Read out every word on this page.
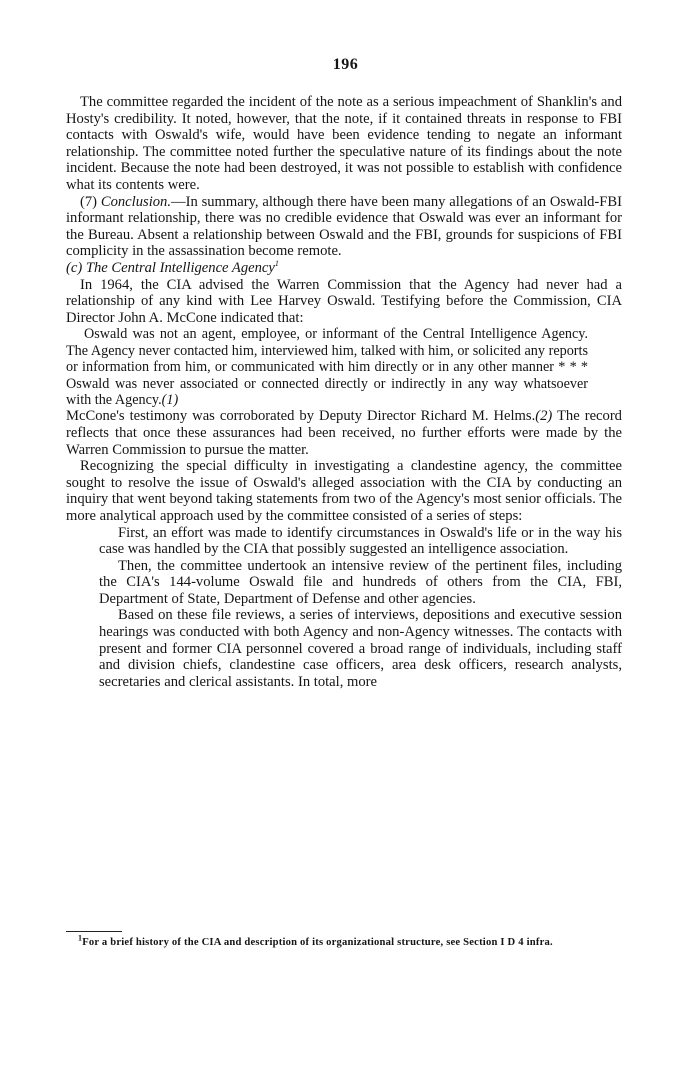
196

The committee regarded the incident of the note as a serious impeachment of Shanklin's and Hosty's credibility. It noted, however, that the note, if it contained threats in response to FBI contacts with Oswald's wife, would have been evidence tending to negate an informant relationship. The committee noted further the speculative nature of its findings about the note incident. Because the note had been destroyed, it was not possible to establish with confidence what its contents were.

(7) Conclusion.—In summary, although there have been many allegations of an Oswald-FBI informant relationship, there was no credible evidence that Oswald was ever an informant for the Bureau. Absent a relationship between Oswald and the FBI, grounds for suspicions of FBI complicity in the assassination become remote.

(c) The Central Intelligence Agency$^1$

In 1964, the CIA advised the Warren Commission that the Agency had never had a relationship of any kind with Lee Harvey Oswald. Testifying before the Commission, CIA Director John A. McCone indicated that:

Oswald was not an agent, employee, or informant of the Central Intelligence Agency. The Agency never contacted him, interviewed him, talked with him, or solicited any reports or information from him, or communicated with him directly or in any other manner * * * Oswald was never associated or connected directly or indirectly in any way whatsoever with the Agency.(1)

McCone's testimony was corroborated by Deputy Director Richard M. Helms.(2) The record reflects that once these assurances had been received, no further efforts were made by the Warren Commission to pursue the matter.

Recognizing the special difficulty in investigating a clandestine agency, the committee sought to resolve the issue of Oswald's alleged association with the CIA by conducting an inquiry that went beyond taking statements from two of the Agency's most senior officials. The more analytical approach used by the committee consisted of a series of steps:

First, an effort was made to identify circumstances in Oswald's life or in the way his case was handled by the CIA that possibly suggested an intelligence association.

Then, the committee undertook an intensive review of the pertinent files, including the CIA's 144-volume Oswald file and hundreds of others from the CIA, FBI, Department of State, Department of Defense and other agencies.

Based on these file reviews, a series of interviews, depositions and executive session hearings was conducted with both Agency and non-Agency witnesses. The contacts with present and former CIA personnel covered a broad range of individuals, including staff and division chiefs, clandestine case officers, area desk officers, research analysts, secretaries and clerical assistants. In total, more

$^1$For a brief history of the CIA and description of its organizational structure, see Section I D 4 infra.
